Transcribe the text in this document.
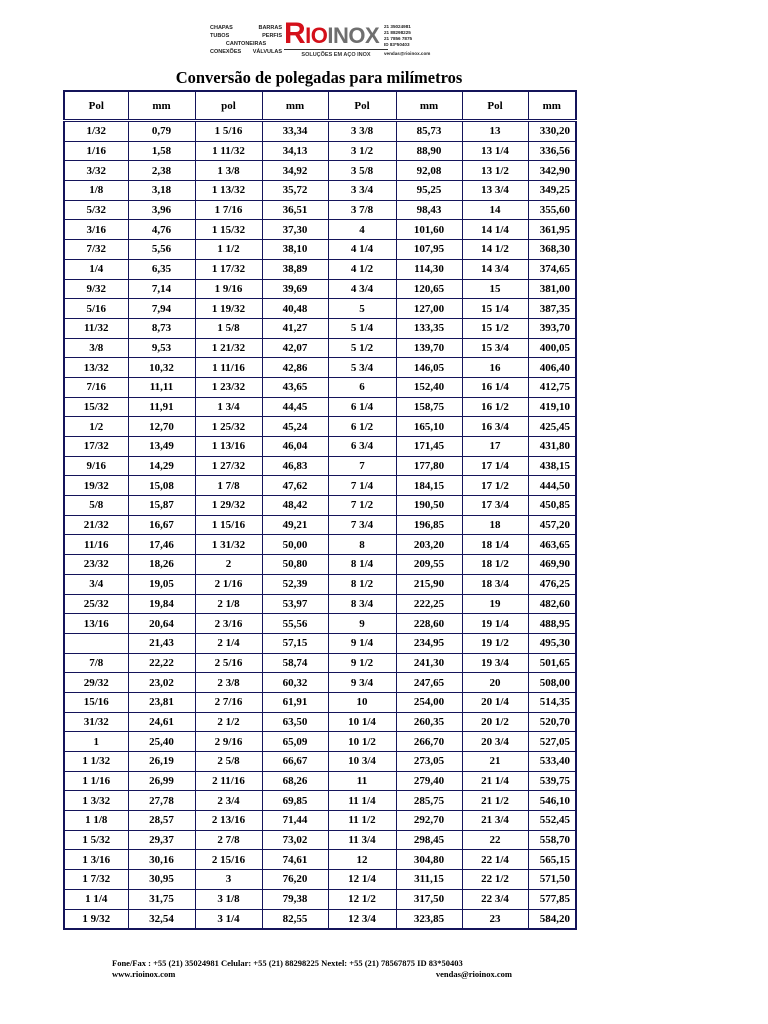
CHAPAS	BARRAS
TUBOS	PERFIS
CANTONEIRAS
CONEXÕES VÁLVULAS
RIOINOX
SOLUÇÕES EM AÇO INOX
21 35024981
21 88298225
21 7856 7875
ID 83*50403
vendas@rioinox.com
Conversão de polegadas para milímetros
Pol	mm	pol	mm	Pol	mm	Pol	mm
1/32	0,79	1 5/16	33,34	3 3/8	85,73	13	330,20
1/16	1,58	1 11/32	34,13	3 1/2	88,90	13 1/4	336,56
3/32	2,38	1 3/8	34,92	3 5/8	92,08	13 1/2	342,90
1/8	3,18	1 13/32	35,72	3 3/4	95,25	13 3/4	349,25
5/32	3,96	1 7/16	36,51	3 7/8	98,43	14	355,60
3/16	4,76	1 15/32	37,30	4	101,60	14 1/4	361,95
7/32	5,56	1 1/2	38,10	4 1/4	107,95	14 1/2	368,30
1/4	6,35	1 17/32	38,89	4 1/2	114,30	14 3/4	374,65
9/32	7,14	1 9/16	39,69	4 3/4	120,65	15	381,00
5/16	7,94	1 19/32	40,48	5	127,00	15 1/4	387,35
11/32	8,73	1 5/8	41,27	5 1/4	133,35	15 1/2	393,70
3/8	9,53	1 21/32	42,07	5 1/2	139,70	15 3/4	400,05
13/32	10,32	1 11/16	42,86	5 3/4	146,05	16	406,40
7/16	11,11	1 23/32	43,65	6	152,40	16 1/4	412,75
15/32	11,91	1 3/4	44,45	6 1/4	158,75	16 1/2	419,10
1/2	12,70	1 25/32	45,24	6 1/2	165,10	16 3/4	425,45
17/32	13,49	1 13/16	46,04	6 3/4	171,45	17	431,80
9/16	14,29	1 27/32	46,83	7	177,80	17 1/4	438,15
19/32	15,08	1 7/8	47,62	7 1/4	184,15	17 1/2	444,50
5/8	15,87	1 29/32	48,42	7 1/2	190,50	17 3/4	450,85
21/32	16,67	1 15/16	49,21	7 3/4	196,85	18	457,20
11/16	17,46	1 31/32	50,00	8	203,20	18 1/4	463,65
23/32	18,26	2	50,80	8 1/4	209,55	18 1/2	469,90
3/4	19,05	2 1/16	52,39	8 1/2	215,90	18 3/4	476,25
25/32	19,84	2 1/8	53,97	8 3/4	222,25	19	482,60
13/16	20,64	2 3/16	55,56	9	228,60	19 1/4	488,95
	21,43	2 1/4	57,15	9 1/4	234,95	19 1/2	495,30
7/8	22,22	2 5/16	58,74	9 1/2	241,30	19 3/4	501,65
29/32	23,02	2 3/8	60,32	9 3/4	247,65	20	508,00
15/16	23,81	2 7/16	61,91	10	254,00	20 1/4	514,35
31/32	24,61	2 1/2	63,50	10 1/4	260,35	20 1/2	520,70
1	25,40	2 9/16	65,09	10 1/2	266,70	20 3/4	527,05
1 1/32	26,19	2 5/8	66,67	10 3/4	273,05	21	533,40
1 1/16	26,99	2 11/16	68,26	11	279,40	21 1/4	539,75
1 3/32	27,78	2 3/4	69,85	11 1/4	285,75	21 1/2	546,10
1 1/8	28,57	2 13/16	71,44	11 1/2	292,70	21 3/4	552,45
1 5/32	29,37	2 7/8	73,02	11 3/4	298,45	22	558,70
1 3/16	30,16	2 15/16	74,61	12	304,80	22 1/4	565,15
1 7/32	30,95	3	76,20	12 1/4	311,15	22 1/2	571,50
1 1/4	31,75	3 1/8	79,38	12 1/2	317,50	22 3/4	577,85
1 9/32	32,54	3 1/4	82,55	12 3/4	323,85	23	584,20
Fone/Fax : +55 (21) 35024981 Celular: +55 (21) 88298225 Nextel: +55 (21) 78567875 ID 83*50403
www.rioinox.com	vendas@rioinox.com
